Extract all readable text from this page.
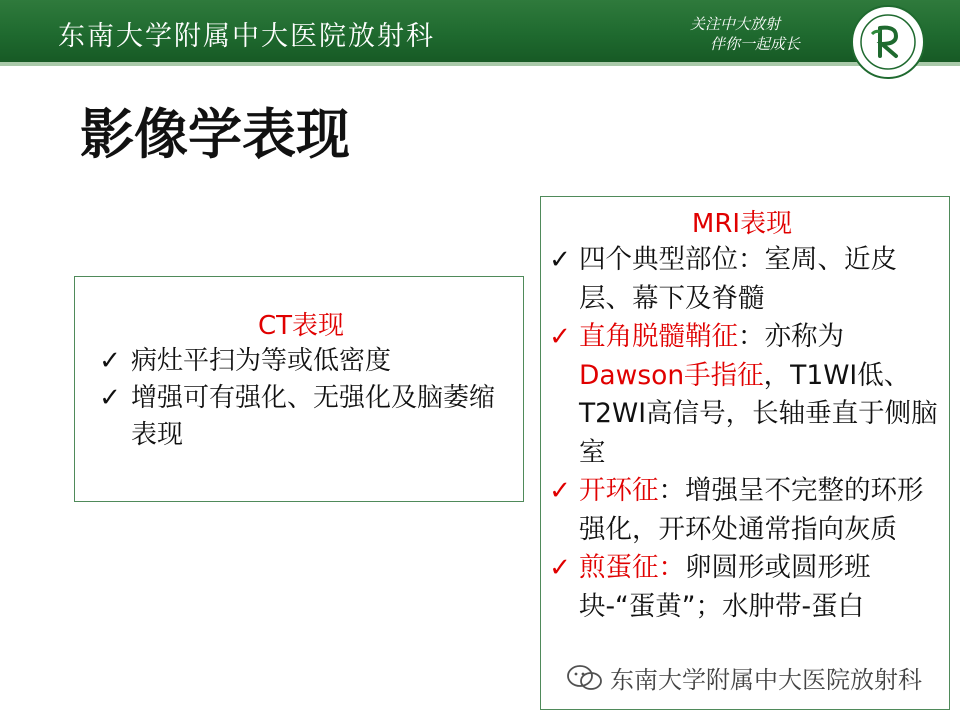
东南大学附属中大医院放射科	关注中大放射
伴你一起成长
影像学表现
CT表现
✓ 病灶平扫为等或低密度
✓ 增强可有强化、无强化及脑萎缩表现
MRI表现
✓ 四个典型部位：室周、近皮层、幕下及脊髓
✓ 直角脱髓鞘征：亦称为 Dawson手指征，T1WI低、T2WI高信号，长轴垂直于侧脑室
✓ 开环征：增强呈不完整的环形强化，开环处通常指向灰质
✓ 煎蛋征：卵圆形或圆形班块-“蛋黄”；水肿带-蛋白
东南大学附属中大医院放射科
